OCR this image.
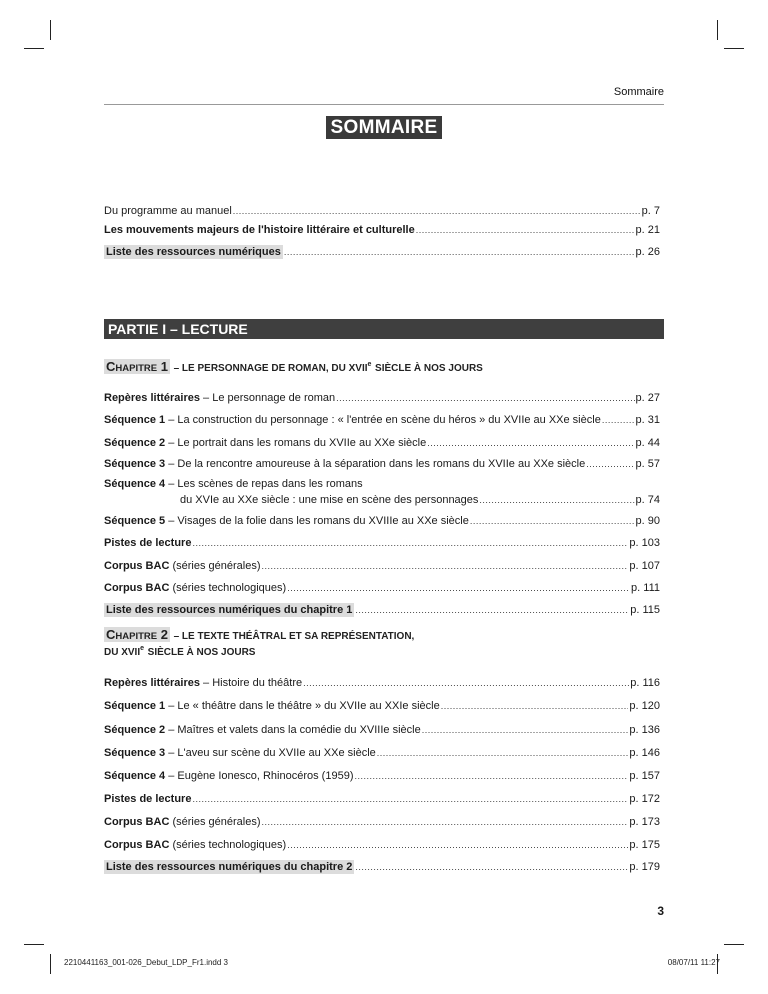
Sommaire
SOMMAIRE
Du programme au manuel .....	p. 7
Les mouvements majeurs de l'histoire littéraire et culturelle .....	p. 21
Liste des ressources numériques .....	p. 26
PARTIE I – LECTURE
CHAPITRE 1 – LE PERSONNAGE DE ROMAN, DU XVIIe SIÈCLE À NOS JOURS
Repères littéraires – Le personnage de roman .....	p. 27
Séquence 1 – La construction du personnage : « l'entrée en scène du héros » du XVIIe au XXe siècle .....	p. 31
Séquence 2 – Le portrait dans les romans du XVIIe au XXe siècle .....	p. 44
Séquence 3 – De la rencontre amoureuse à la séparation dans les romans du XVIIe au XXe siècle .....	p. 57
Séquence 4 – Les scènes de repas dans les romans
du XVIe au XXe siècle : une mise en scène des personnages .....	p. 74
Séquence 5 – Visages de la folie dans les romans du XVIIIe au XXe siècle .....	p. 90
Pistes de lecture .....	p. 103
Corpus BAC (séries générales) .....	p. 107
Corpus BAC (séries technologiques) .....	p. 111
Liste des ressources numériques du chapitre 1 .....	p. 115
CHAPITRE 2 – LE TEXTE THÉÂTRAL ET SA REPRÉSENTATION,
DU XVIIe SIÈCLE À NOS JOURS
Repères littéraires – Histoire du théâtre .....	p. 116
Séquence 1 – Le « théâtre dans le théâtre » du XVIIe au XXIe siècle .....	p. 120
Séquence 2 – Maîtres et valets dans la comédie du XVIIIe siècle .....	p. 136
Séquence 3 – L'aveu sur scène du XVIIe au XXe siècle .....	p. 146
Séquence 4 – Eugène Ionesco, Rhinocéros (1959) .....	p. 157
Pistes de lecture .....	p. 172
Corpus BAC (séries générales) .....	p. 173
Corpus BAC (séries technologiques) .....	p. 175
Liste des ressources numériques du chapitre 2 .....	p. 179
3
2210441163_001-026_Debut_LDP_Fr1.indd 3	08/07/11 11:27
